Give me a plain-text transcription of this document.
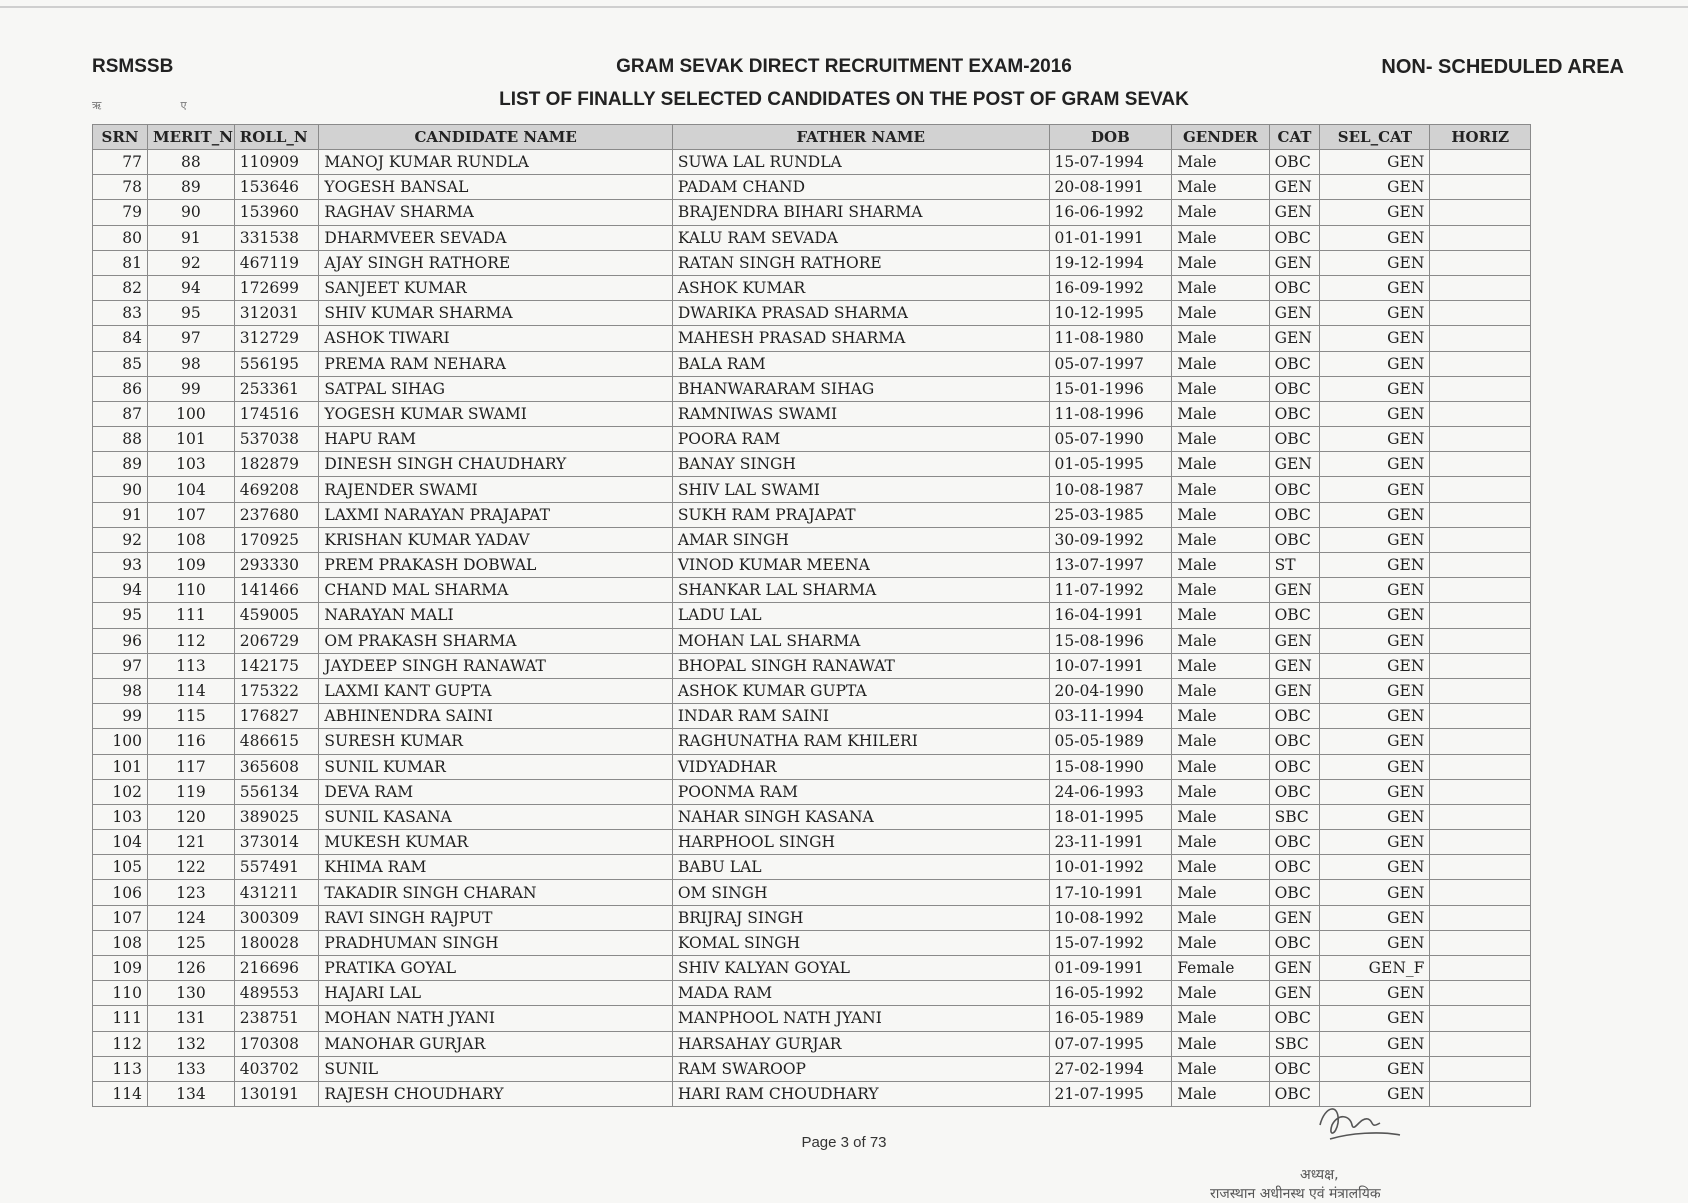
RSMSSB
ऋ ए
GRAM SEVAK DIRECT RECRUITMENT EXAM-2016
LIST OF FINALLY SELECTED CANDIDATES ON THE POST OF GRAM SEVAK
NON- SCHEDULED AREA
SRN	MERIT_N	ROLL_N	CANDIDATE NAME	FATHER NAME	DOB	GENDER	CAT	SEL_CAT	HORIZ
77	88	110909	MANOJ KUMAR RUNDLA	SUWA LAL RUNDLA	15-07-1994	Male	OBC	GEN	
78	89	153646	YOGESH BANSAL	PADAM CHAND	20-08-1991	Male	GEN	GEN	
79	90	153960	RAGHAV SHARMA	BRAJENDRA BIHARI SHARMA	16-06-1992	Male	GEN	GEN	
80	91	331538	DHARMVEER SEVADA	KALU RAM SEVADA	01-01-1991	Male	OBC	GEN	
81	92	467119	AJAY SINGH RATHORE	RATAN SINGH RATHORE	19-12-1994	Male	GEN	GEN	
82	94	172699	SANJEET KUMAR	ASHOK KUMAR	16-09-1992	Male	OBC	GEN	
83	95	312031	SHIV KUMAR SHARMA	DWARIKA PRASAD SHARMA	10-12-1995	Male	GEN	GEN	
84	97	312729	ASHOK TIWARI	MAHESH PRASAD SHARMA	11-08-1980	Male	GEN	GEN	
85	98	556195	PREMA RAM NEHARA	BALA RAM	05-07-1997	Male	OBC	GEN	
86	99	253361	SATPAL SIHAG	BHANWARARAM SIHAG	15-01-1996	Male	OBC	GEN	
87	100	174516	YOGESH KUMAR SWAMI	RAMNIWAS SWAMI	11-08-1996	Male	OBC	GEN	
88	101	537038	HAPU RAM	POORA RAM	05-07-1990	Male	OBC	GEN	
89	103	182879	DINESH SINGH CHAUDHARY	BANAY SINGH	01-05-1995	Male	GEN	GEN	
90	104	469208	RAJENDER SWAMI	SHIV LAL SWAMI	10-08-1987	Male	OBC	GEN	
91	107	237680	LAXMI NARAYAN PRAJAPAT	SUKH RAM PRAJAPAT	25-03-1985	Male	OBC	GEN	
92	108	170925	KRISHAN KUMAR YADAV	AMAR SINGH	30-09-1992	Male	OBC	GEN	
93	109	293330	PREM PRAKASH DOBWAL	VINOD KUMAR MEENA	13-07-1997	Male	ST	GEN	
94	110	141466	CHAND MAL SHARMA	SHANKAR LAL SHARMA	11-07-1992	Male	GEN	GEN	
95	111	459005	NARAYAN MALI	LADU LAL	16-04-1991	Male	OBC	GEN	
96	112	206729	OM PRAKASH SHARMA	MOHAN LAL SHARMA	15-08-1996	Male	GEN	GEN	
97	113	142175	JAYDEEP SINGH RANAWAT	BHOPAL SINGH RANAWAT	10-07-1991	Male	GEN	GEN	
98	114	175322	LAXMI KANT GUPTA	ASHOK KUMAR GUPTA	20-04-1990	Male	GEN	GEN	
99	115	176827	ABHINENDRA SAINI	INDAR RAM SAINI	03-11-1994	Male	OBC	GEN	
100	116	486615	SURESH KUMAR	RAGHUNATHA RAM KHILERI	05-05-1989	Male	OBC	GEN	
101	117	365608	SUNIL KUMAR	VIDYADHAR	15-08-1990	Male	OBC	GEN	
102	119	556134	DEVA RAM	POONMA RAM	24-06-1993	Male	OBC	GEN	
103	120	389025	SUNIL KASANA	NAHAR SINGH KASANA	18-01-1995	Male	SBC	GEN	
104	121	373014	MUKESH KUMAR	HARPHOOL SINGH	23-11-1991	Male	OBC	GEN	
105	122	557491	KHIMA RAM	BABU LAL	10-01-1992	Male	OBC	GEN	
106	123	431211	TAKADIR SINGH CHARAN	OM SINGH	17-10-1991	Male	OBC	GEN	
107	124	300309	RAVI SINGH RAJPUT	BRIJRAJ SINGH	10-08-1992	Male	GEN	GEN	
108	125	180028	PRADHUMAN SINGH	KOMAL SINGH	15-07-1992	Male	OBC	GEN	
109	126	216696	PRATIKA GOYAL	SHIV KALYAN GOYAL	01-09-1991	Female	GEN	GEN_F	
110	130	489553	HAJARI LAL	MADA RAM	16-05-1992	Male	GEN	GEN	
111	131	238751	MOHAN NATH JYANI	MANPHOOL NATH JYANI	16-05-1989	Male	OBC	GEN	
112	132	170308	MANOHAR GURJAR	HARSAHAY GURJAR	07-07-1995	Male	SBC	GEN	
113	133	403702	SUNIL	RAM SWAROOP	27-02-1994	Male	OBC	GEN	
114	134	130191	RAJESH CHOUDHARY	HARI RAM CHOUDHARY	21-07-1995	Male	OBC	GEN	
Page 3 of 73
अध्यक्ष,
राजस्थान अधीनस्थ एवं मंत्रालयिक
